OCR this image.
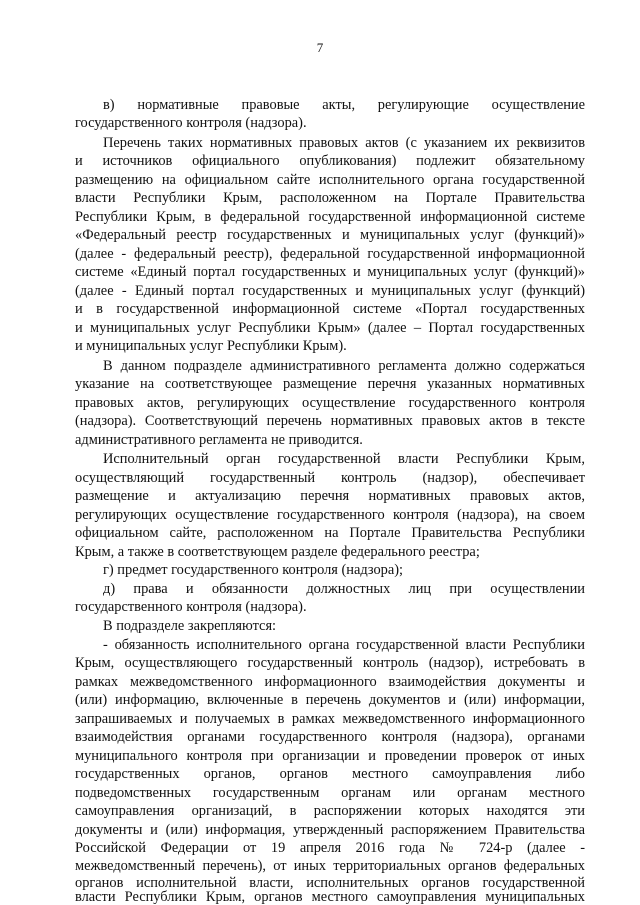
7
в) нормативные правовые акты, регулирующие осуществление
государственного контроля (надзора).
Перечень таких нормативных правовых актов (с указанием их реквизитов
и источников официального опубликования) подлежит обязательному
размещению на официальном сайте исполнительного органа государственной
власти Республики Крым, расположенном на Портале Правительства
Республики Крым, в федеральной государственной информационной системе
«Федеральный реестр государственных и муниципальных услуг (функций)»
(далее - федеральный реестр), федеральной государственной информационной
системе «Единый портал государственных и муниципальных услуг (функций)»
(далее - Единый портал государственных и муниципальных услуг (функций)
и в государственной информационной системе «Портал государственных
и муниципальных услуг Республики Крым» (далее – Портал государственных
и муниципальных услуг Республики Крым).
В данном подразделе административного регламента должно содержаться
указание на соответствующее размещение перечня указанных нормативных
правовых актов, регулирующих осуществление государственного контроля
(надзора). Соответствующий перечень нормативных правовых актов в тексте
административного регламента не приводится.
Исполнительный орган государственной власти Республики Крым,
осуществляющий государственный контроль (надзор), обеспечивает
размещение и актуализацию перечня нормативных правовых актов,
регулирующих осуществление государственного контроля (надзора), на своем
официальном сайте, расположенном на Портале Правительства Республики
Крым, а также в соответствующем разделе федерального реестра;
г) предмет государственного контроля (надзора);
д) права и обязанности должностных лиц при осуществлении
государственного контроля (надзора).
В подразделе закрепляются:
- обязанность исполнительного органа государственной власти Республики
Крым, осуществляющего государственный контроль (надзор), истребовать в
рамках межведомственного информационного взаимодействия документы и
(или) информацию, включенные в перечень документов и (или) информации,
запрашиваемых и получаемых в рамках межведомственного информационного
взаимодействия органами государственного контроля (надзора), органами
муниципального контроля при организации и проведении проверок от иных
государственных органов, органов местного самоуправления либо
подведомственных государственным органам или органам местного
самоуправления организаций, в распоряжении которых находятся эти
документы и (или) информация, утвержденный распоряжением Правительства
Российской Федерации от 19 апреля 2016 года № 724-р (далее -
межведомственный перечень), от иных территориальных органов федеральных
органов исполнительной власти, исполнительных органов государственной
власти Республики Крым, органов местного самоуправления муниципальных
